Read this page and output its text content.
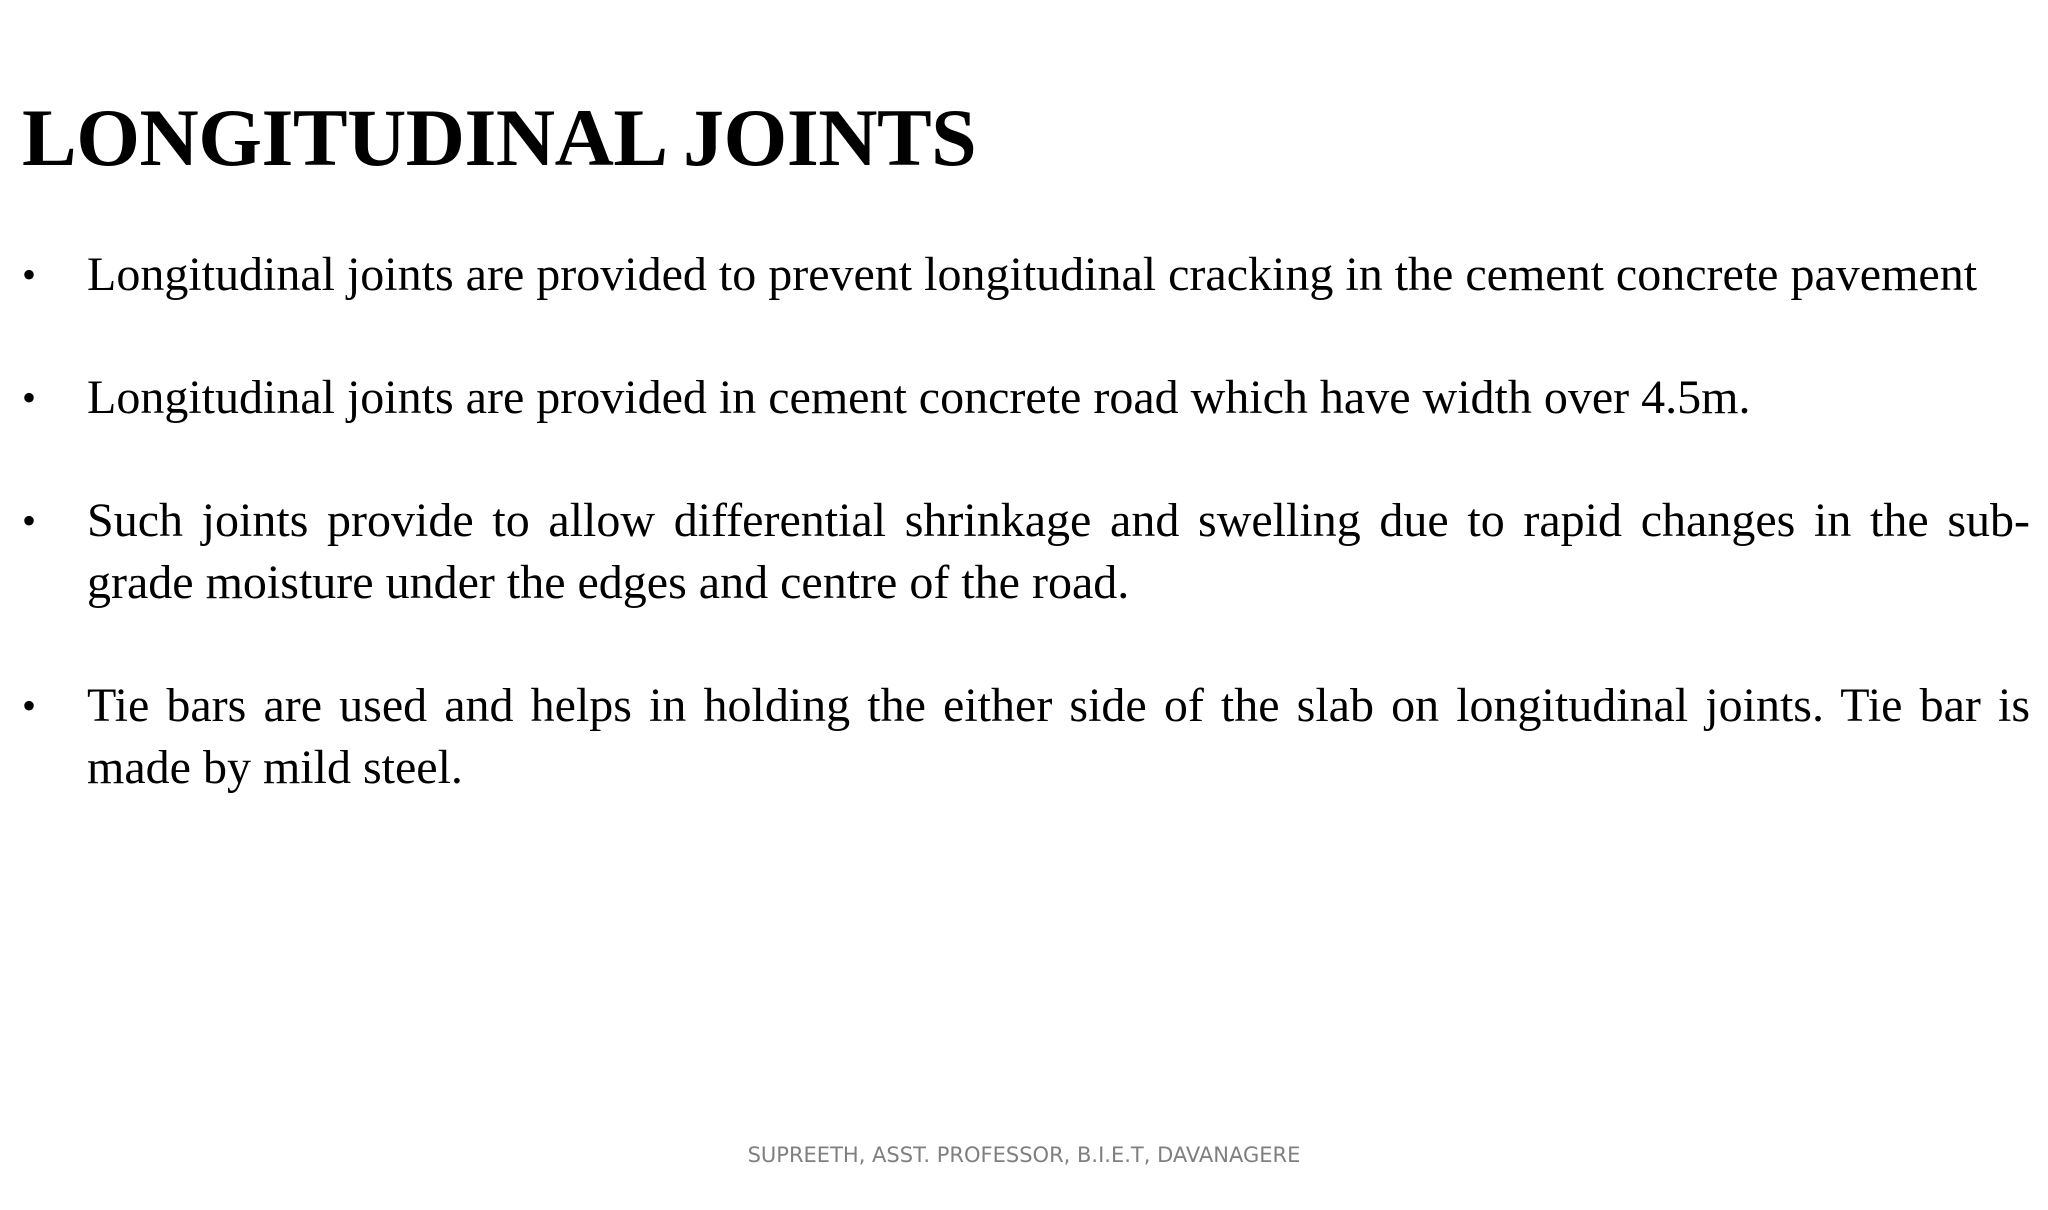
LONGITUDINAL JOINTS
• Longitudinal joints are provided to prevent longitudinal cracking in the cement concrete pavement
• Longitudinal joints are provided in cement concrete road which have width over 4.5m.
• Such joints provide to allow differential shrinkage and swelling due to rapid changes in the sub-grade moisture under the edges and centre of the road.
• Tie bars are used and helps in holding the either side of the slab on longitudinal joints. Tie bar is made by mild steel.
SUPREETH, ASST. PROFESSOR, B.I.E.T, DAVANAGERE
